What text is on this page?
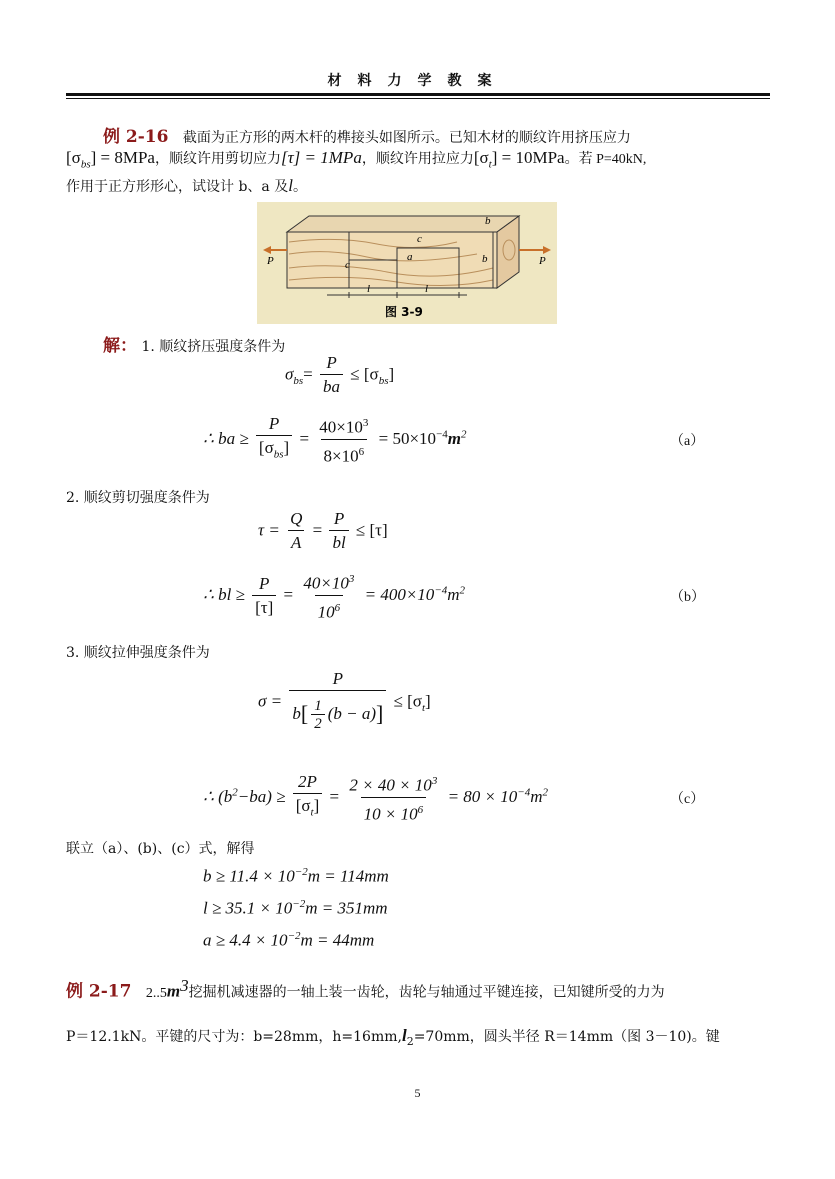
材料力学教案
例 2-16 截面为正方形的两木杆的榫接头如图所示。已知木材的顺纹许用挤压应力
$[\sigma_{bs}] = 8MPa$，顺纹许用剪切应力[τ] = 1MPa，顺纹许用拉应力$[\sigma_t] = 10MPa$。若 P=40kN,
作用于正方形形心，试设计 b、a 及l。
P	P
b
c
a
c	b
l	l
图 3-9
解： 1. 顺纹挤压强度条件为
$\sigma_{bs}= \frac{P}{ba} \le [\sigma_{bs}]$
∴ ba ≥ $\frac{P}{[\sigma_{bs}]} = \frac{40\times 10^3}{8\times 10^6} = 50\times 10^{-4}m^2$	（a）
2. 顺纹剪切强度条件为
$\tau = \frac{Q}{A} = \frac{P}{bl} \le [\tau]$
∴ bl ≥ $\frac{P}{[\tau]} = \frac{40\times 10^3}{10^6} = 400\times 10^{-4}m^2$	（b）
3. 顺纹拉伸强度条件为
$\sigma = \frac{P}{b[ \frac{1}{2} (b - a)]} \le [\sigma_t]$
∴ $(b^2-ba) \ge \frac{2P}{[\sigma_t]} = \frac{2 \times 40 \times 10^3}{10 \times 10^6} = 80 \times 10^{-4}m^2$	（c）
联立（a）、(b)、(c）式，解得
$b \ge 11.4 \times 10^{-2}m = 114mm$
$l \ge 35.1 \times 10^{-2}m = 351mm$
$a \ge 4.4 \times 10^{-2}m = 44mm$
例 2-17 $2..5m^3$挖掘机减速器的一轴上装一齿轮，齿轮与轴通过平键连接，已知键所受的力为
P＝12.1kN。平键的尺寸为：b=28mm，$h=16mm,l_2=70mm$，圆头半径 R＝14mm（图 3－10)。键
5
